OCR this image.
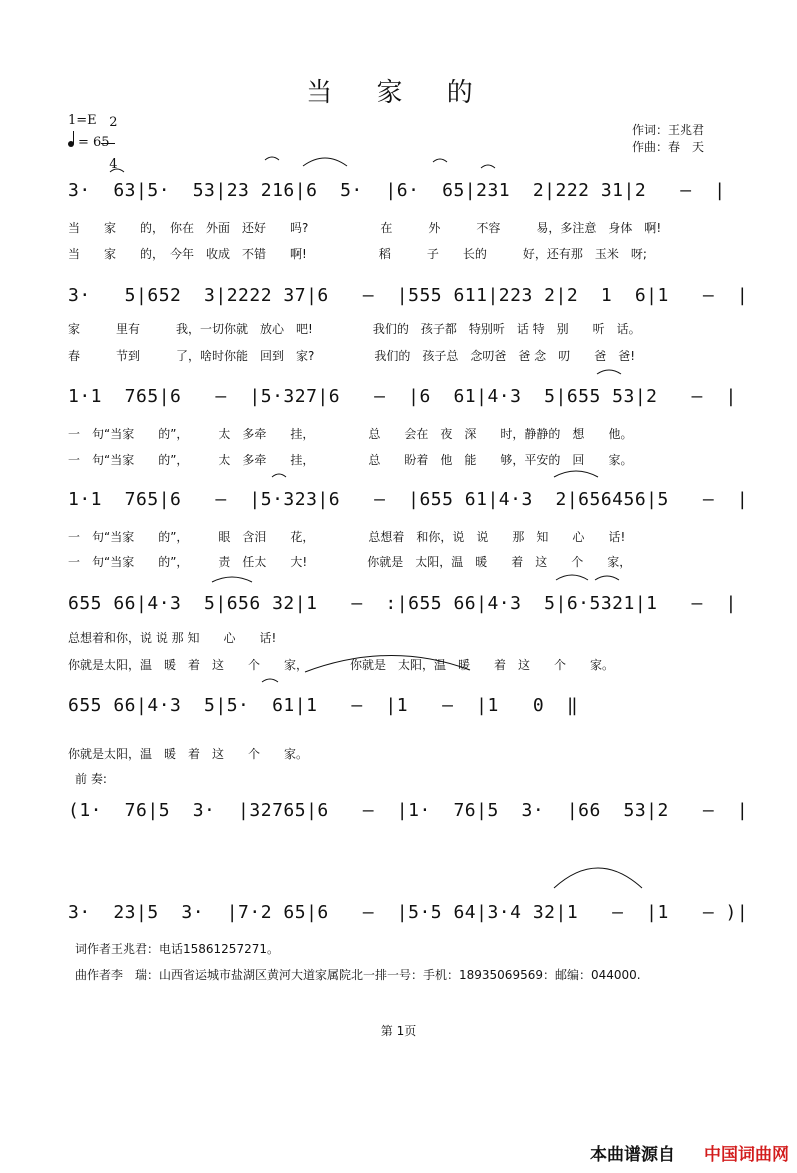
当 家 的
1=E 2

4

= 65
作词：王兆君
作曲：春　天
3·  63|5·  53|23 216|6  5·  |6·  65|231  2|222 31|2   —  |
当　　家　　的，　你在　外面　还好　　吗?　　　　　　在　　　外　　　不容　　　易，多注意　身体　啊!
当　　家　　的，　今年　收成　不错　　啊!　　　　　　稻　　　子　　长的　　　好，还有那　玉米　呀;
3·   5|652  3|2222 37|6   —  |555 611|223 2|2  1  6|1   —  |
家　　　里有　　　我，一切你就　放心　吧!　　　　　我们的　孩子都　特别听　话 特　别　　听　话。
春　　　节到　　　了，啥时你能　回到　家?　　　　　我们的　孩子总　念叨爸　爸 念　叨　　爸　爸!
1·1  765|6   —  |5·327|6   —  |6  61|4·3  5|655 53|2   —  |
一　句“当家　　的”，　　　太　多牵　　挂，　　　　　总　　会在　夜　深　　时，静静的　想　　他。
一　句“当家　　的”，　　　太　多牵　　挂，　　　　　总　　盼着　他　能　　够，平安的　回　　家。
1·1  765|6   —  |5·323|6   —  |655 61|4·3  2|656456|5   —  |
一　句“当家　　的”，　　　眼　含泪　　花，　　　　　总想着　和你，说　说　　那　知　　心　　话!
一　句“当家　　的”，　　　责　任太　　大!　　　　　你就是　太阳，温　暖　　着　这　　个　　家，
655 66|4·3  5|656 32|1   —  :|655 66|4·3  5|6·5321|1   —  |
总想着和你，说 说 那 知　　心　　话!
你就是太阳，温　暖　着　这　　个　　家，　　　　你就是　太阳，温　暖　　着　这　　个　　家。
655 66|4·3  5|5·  61|1   —  |1   —  |1   0  ‖
你就是太阳，温　暖　着　这　　个　　家。
前 奏:
(1·  76|5  3·  |32765|6   —  |1·  76|5  3·  |66  53|2   —  |
3·  23|5  3·  |7·2 65|6   —  |5·5 64|3·4 32|1   —  |1   — )|
词作者王兆君：电话15861257271。
曲作者李　瑞：山西省运城市盐湖区黄河大道家属院北一排一号：手机：18935069569：邮编：044000.
第 1页
本曲谱源自 中国词曲网
